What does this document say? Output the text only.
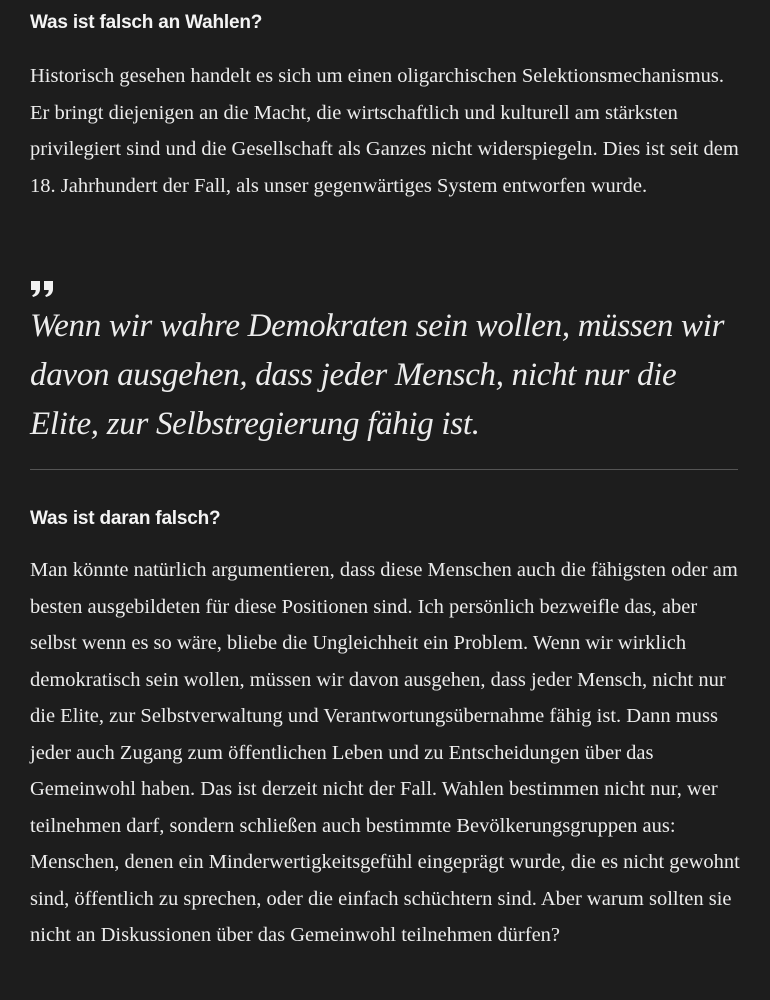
Was ist falsch an Wahlen?

Historisch gesehen handelt es sich um einen oligarchischen Selektionsmechanismus. Er bringt diejenigen an die Macht, die wirtschaftlich und kulturell am stärksten privilegiert sind und die Gesellschaft als Ganzes nicht widerspiegeln. Dies ist seit dem 18. Jahrhundert der Fall, als unser gegenwärtiges System entworfen wurde.

Wenn wir wahre Demokraten sein wollen, müssen wir davon ausgehen, dass jeder Mensch, nicht nur die Elite, zur Selbstregierung fähig ist.

Was ist daran falsch?

Man könnte natürlich argumentieren, dass diese Menschen auch die fähigsten oder am besten ausgebildeten für diese Positionen sind. Ich persönlich bezweifle das, aber selbst wenn es so wäre, bliebe die Ungleichheit ein Problem. Wenn wir wirklich demokratisch sein wollen, müssen wir davon ausgehen, dass jeder Mensch, nicht nur die Elite, zur Selbstverwaltung und Verantwortungsübernahme fähig ist. Dann muss jeder auch Zugang zum öffentlichen Leben und zu Entscheidungen über das Gemeinwohl haben. Das ist derzeit nicht der Fall. Wahlen bestimmen nicht nur, wer teilnehmen darf, sondern schließen auch bestimmte Bevölkerungsgruppen aus: Menschen, denen ein Minderwertigkeitsgefühl eingeprägt wurde, die es nicht gewohnt sind, öffentlich zu sprechen, oder die einfach schüchtern sind. Aber warum sollten sie nicht an Diskussionen über das Gemeinwohl teilnehmen dürfen?
